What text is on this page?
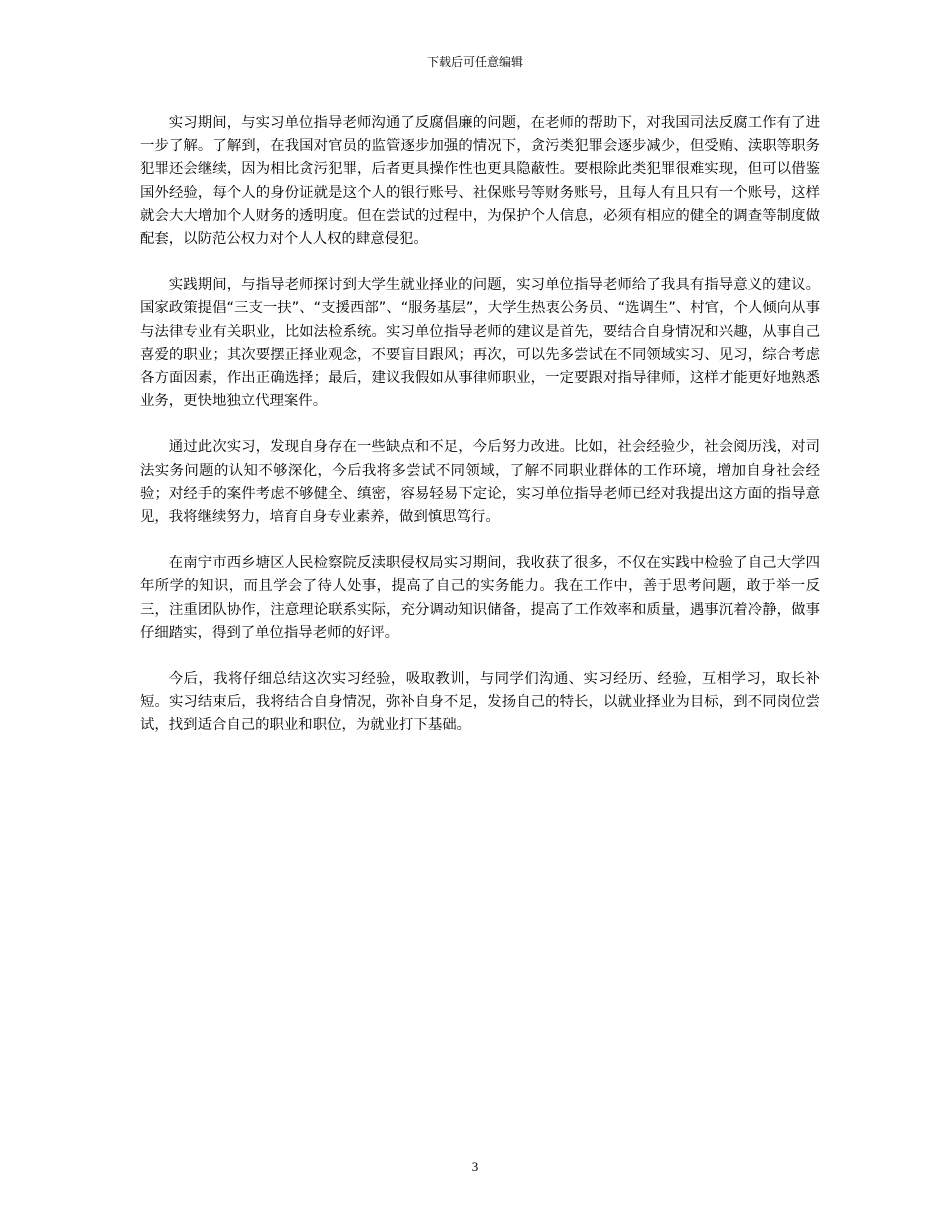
下载后可任意编辑

实习期间，与实习单位指导老师沟通了反腐倡廉的问题，在老师的帮助下，对我国司法反腐工作有了进一步了解。了解到，在我国对官员的监管逐步加强的情况下，贪污类犯罪会逐步减少，但受贿、渎职等职务犯罪还会继续，因为相比贪污犯罪，后者更具操作性也更具隐蔽性。要根除此类犯罪很难实现，但可以借鉴国外经验，每个人的身份证就是这个人的银行账号、社保账号等财务账号，且每人有且只有一个账号，这样就会大大增加个人财务的透明度。但在尝试的过程中，为保护个人信息，必须有相应的健全的调查等制度做配套，以防范公权力对个人人权的肆意侵犯。

实践期间，与指导老师探讨到大学生就业择业的问题，实习单位指导老师给了我具有指导意义的建议。国家政策提倡“三支一扶”、“支援西部”、“服务基层”，大学生热衷公务员、“选调生”、村官，个人倾向从事与法律专业有关职业，比如法检系统。实习单位指导老师的建议是首先，要结合自身情况和兴趣，从事自己喜爱的职业；其次要摆正择业观念，不要盲目跟风；再次，可以先多尝试在不同领域实习、见习，综合考虑各方面因素，作出正确选择；最后，建议我假如从事律师职业，一定要跟对指导律师，这样才能更好地熟悉业务，更快地独立代理案件。

通过此次实习，发现自身存在一些缺点和不足，今后努力改进。比如，社会经验少，社会阅历浅，对司法实务问题的认知不够深化，今后我将多尝试不同领域，了解不同职业群体的工作环境，增加自身社会经验；对经手的案件考虑不够健全、缜密，容易轻易下定论，实习单位指导老师已经对我提出这方面的指导意见，我将继续努力，培育自身专业素养，做到慎思笃行。

在南宁市西乡塘区人民检察院反渎职侵权局实习期间，我收获了很多，不仅在实践中检验了自己大学四年所学的知识，而且学会了待人处事，提高了自己的实务能力。我在工作中，善于思考问题，敢于举一反三，注重团队协作，注意理论联系实际，充分调动知识储备，提高了工作效率和质量，遇事沉着冷静，做事仔细踏实，得到了单位指导老师的好评。

今后，我将仔细总结这次实习经验，吸取教训，与同学们沟通、实习经历、经验，互相学习，取长补短。实习结束后，我将结合自身情况，弥补自身不足，发扬自己的特长，以就业择业为目标，到不同岗位尝试，找到适合自己的职业和职位，为就业打下基础。

3
